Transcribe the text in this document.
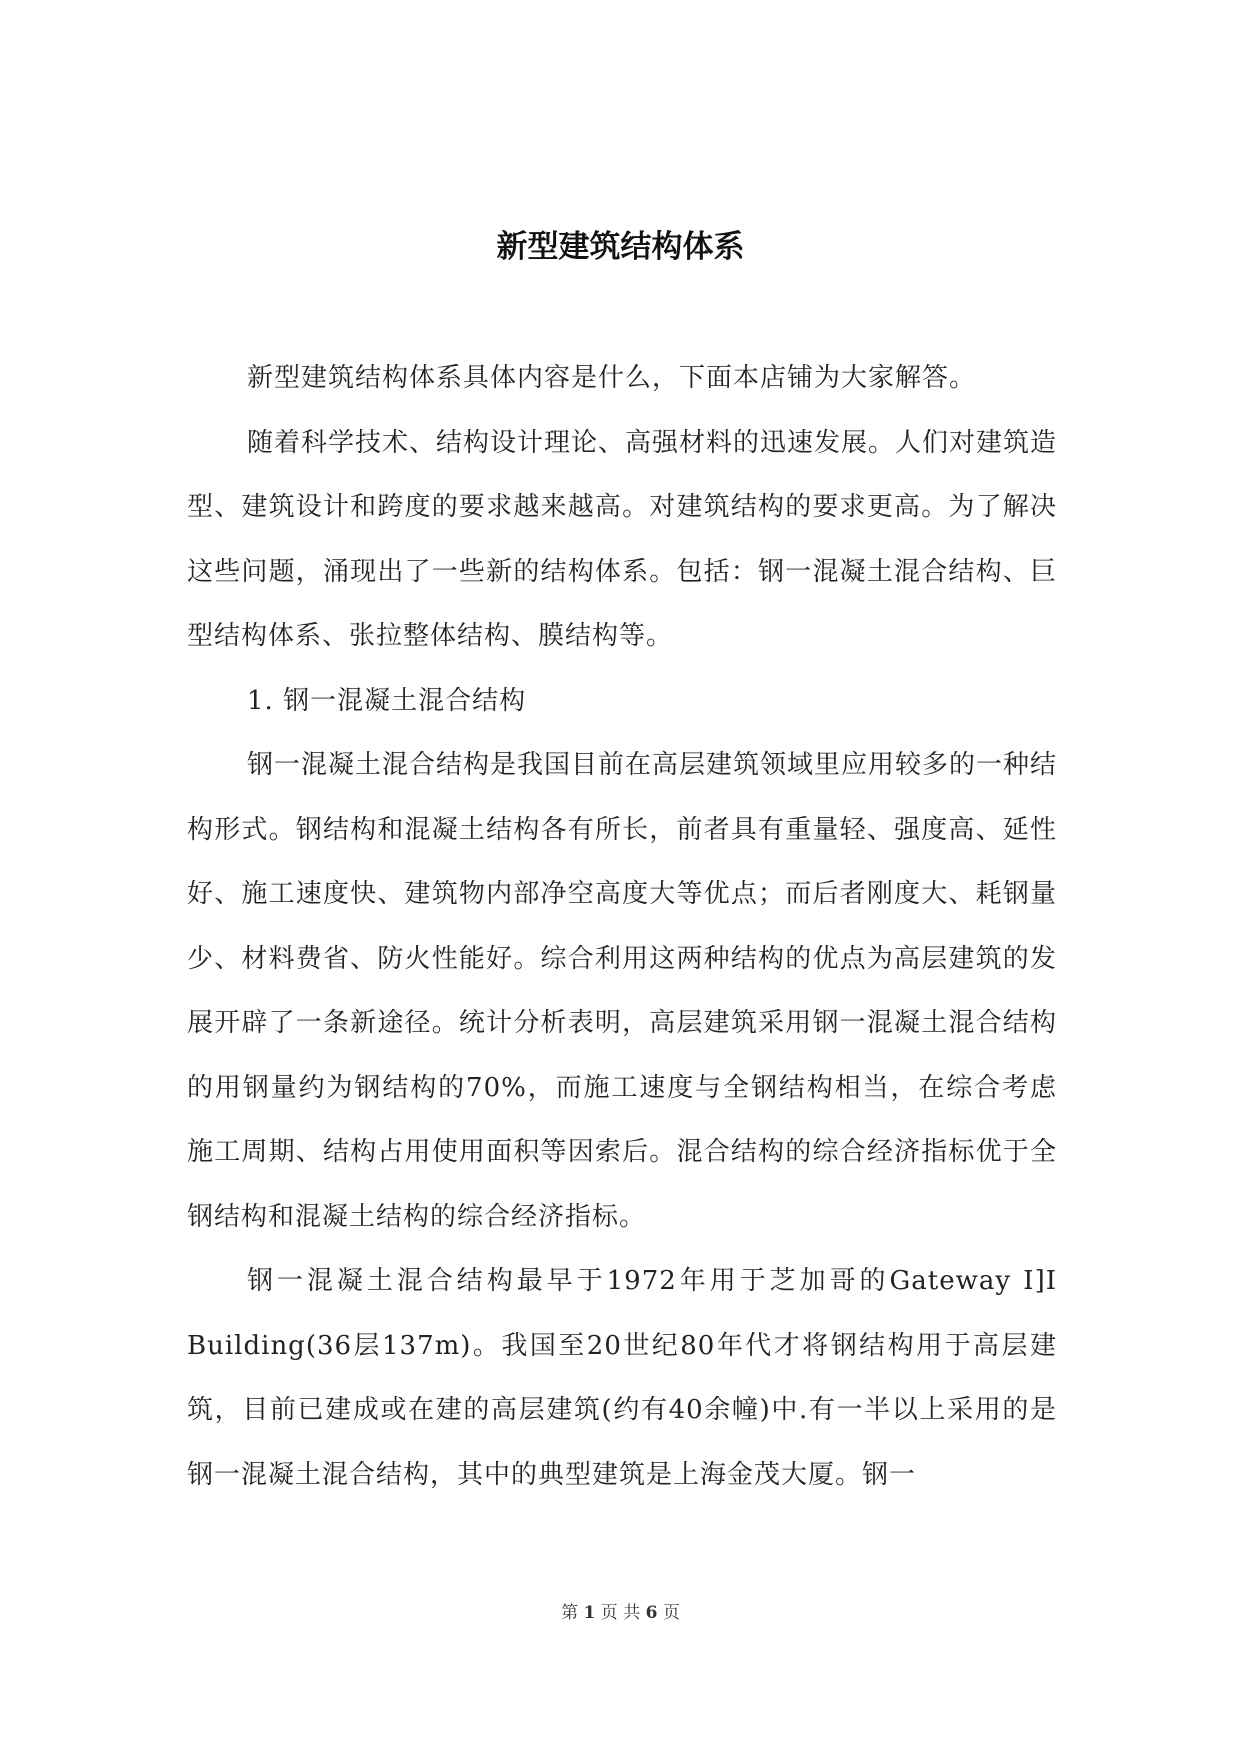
新型建筑结构体系

新型建筑结构体系具体内容是什么，下面本店铺为大家解答。

随着科学技术、结构设计理论、高强材料的迅速发展。人们对建筑造型、建筑设计和跨度的要求越来越高。对建筑结构的要求更高。为了解决这些问题，涌现出了一些新的结构体系。包括：钢一混凝土混合结构、巨型结构体系、张拉整体结构、膜结构等。

1. 钢一混凝土混合结构

钢一混凝土混合结构是我国目前在高层建筑领域里应用较多的一种结构形式。钢结构和混凝土结构各有所长，前者具有重量轻、强度高、延性好、施工速度快、建筑物内部净空高度大等优点；而后者刚度大、耗钢量少、材料费省、防火性能好。综合利用这两种结构的优点为高层建筑的发展开辟了一条新途径。统计分析表明，高层建筑采用钢一混凝土混合结构的用钢量约为钢结构的70%，而施工速度与全钢结构相当，在综合考虑施工周期、结构占用使用面积等因索后。混合结构的综合经济指标优于全钢结构和混凝土结构的综合经济指标。

钢一混凝土混合结构最早于1972年用于芝加哥的Gateway I]I Building(36层137m)。我国至20世纪80年代才将钢结构用于高层建筑，目前已建成或在建的高层建筑(约有40余幢)中.有一半以上采用的是钢一混凝土混合结构，其中的典型建筑是上海金茂大厦。钢一

第 1 页 共 6 页
